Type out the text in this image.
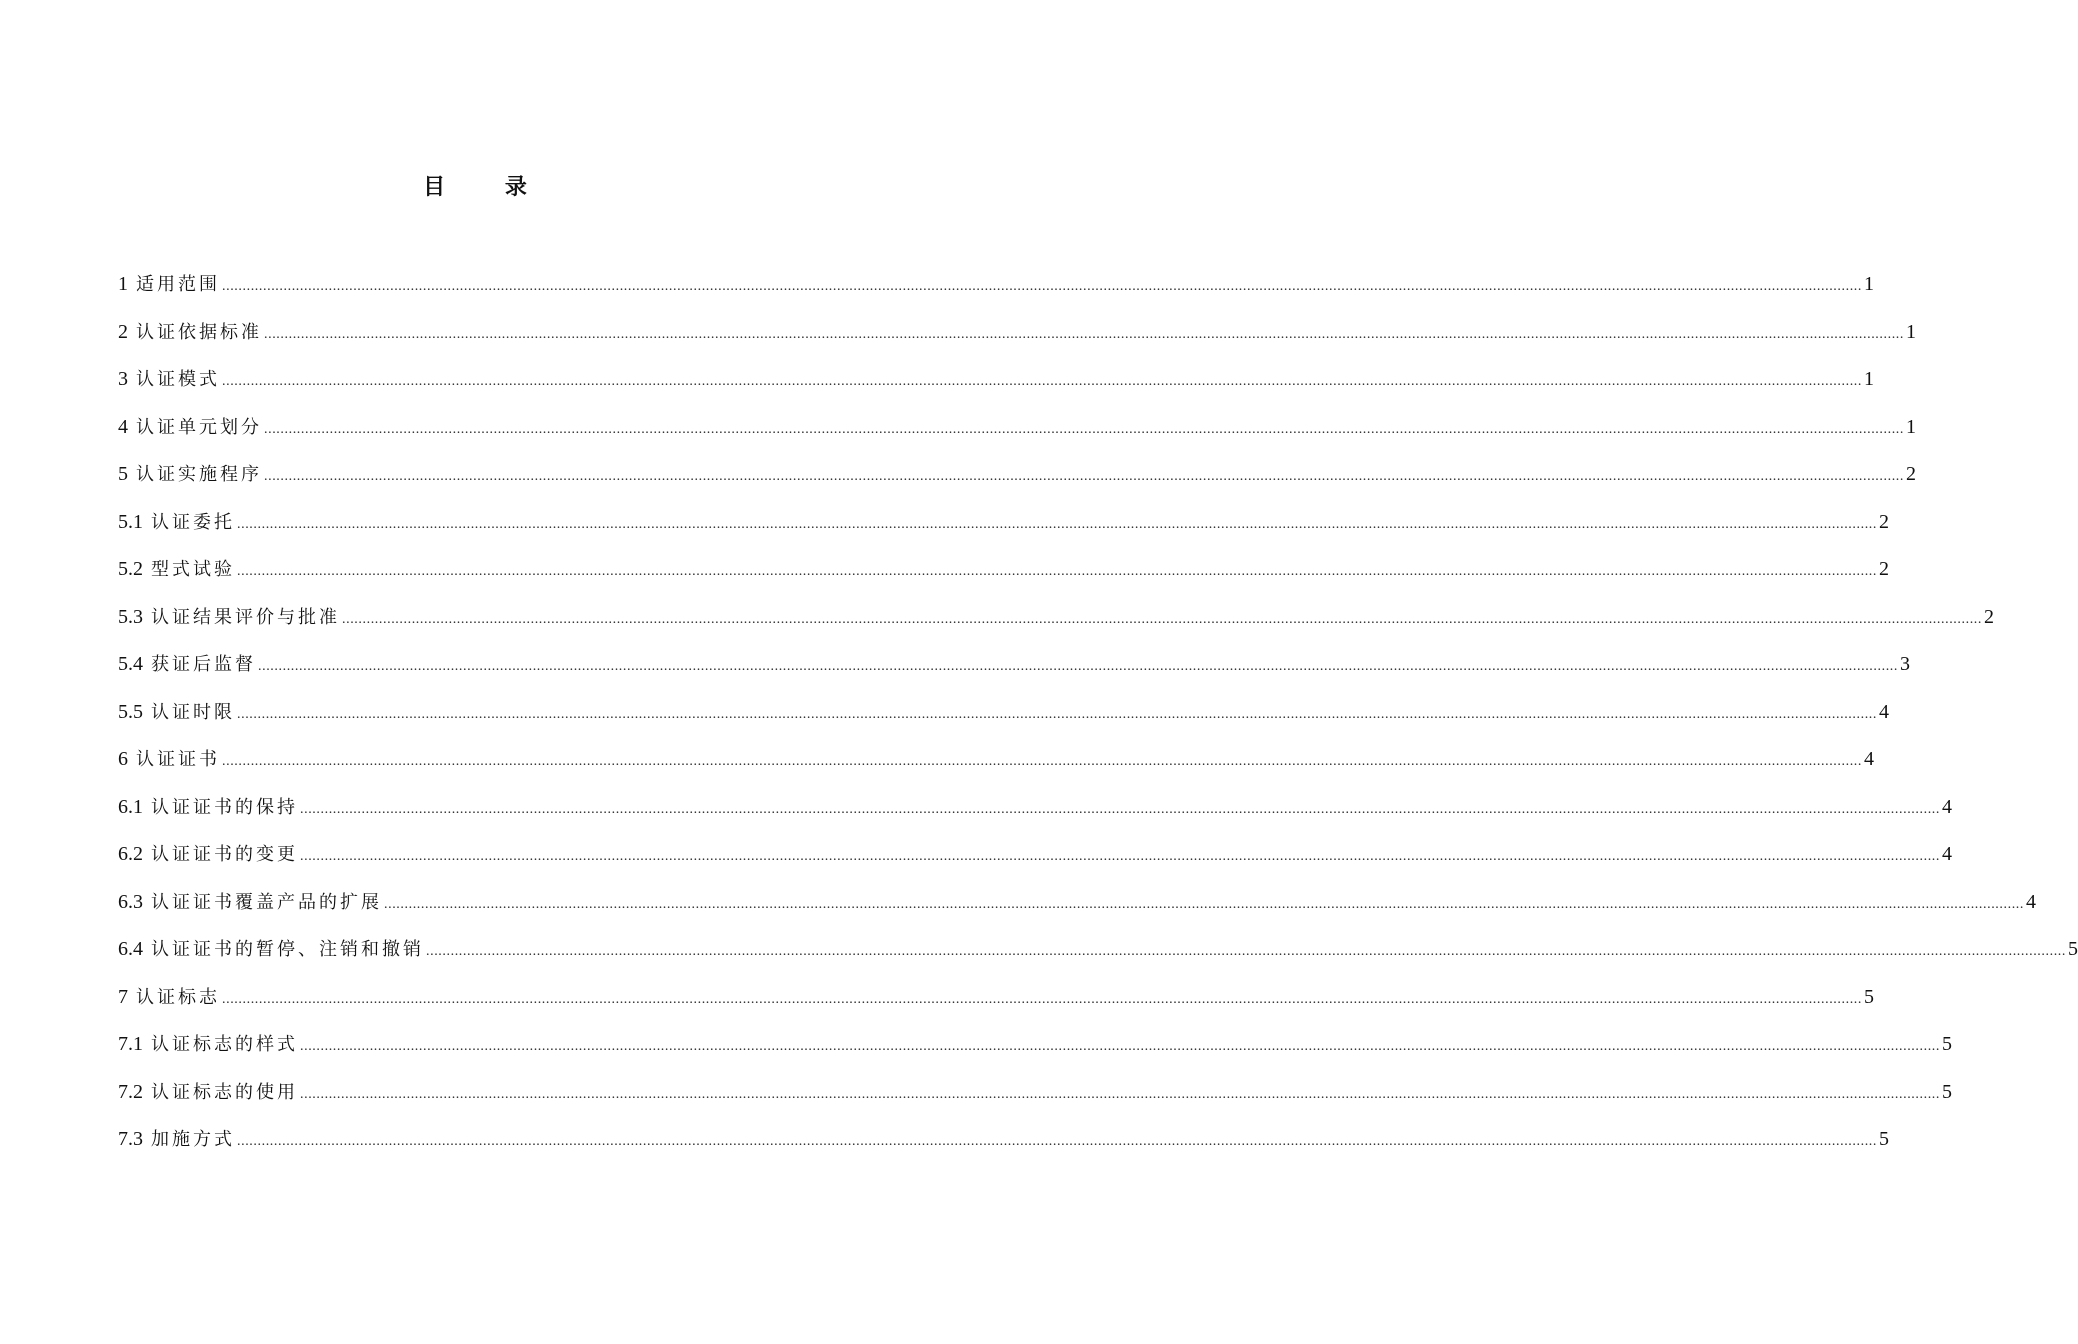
目 录
1 适用范围 ................................................................................................................................................................................................................................................................................................................................................................................................................ 1
2 认证依据标准 ................................................................................................................................................................................................................................................................................................................................................................................................................ 1
3 认证模式 ................................................................................................................................................................................................................................................................................................................................................................................................................ 1
4 认证单元划分 ................................................................................................................................................................................................................................................................................................................................................................................................................ 1
5 认证实施程序 ................................................................................................................................................................................................................................................................................................................................................................................................................ 2
5.1 认证委托 ................................................................................................................................................................................................................................................................................................................................................................................................................ 2
5.2 型式试验 ................................................................................................................................................................................................................................................................................................................................................................................................................ 2
5.3 认证结果评价与批准 ................................................................................................................................................................................................................................................................................................................................................................................................................ 2
5.4 获证后监督 ................................................................................................................................................................................................................................................................................................................................................................................................................ 3
5.5 认证时限 ................................................................................................................................................................................................................................................................................................................................................................................................................ 4
6 认证证书 ................................................................................................................................................................................................................................................................................................................................................................................................................ 4
6.1 认证证书的保持 ................................................................................................................................................................................................................................................................................................................................................................................................................ 4
6.2 认证证书的变更 ................................................................................................................................................................................................................................................................................................................................................................................................................ 4
6.3 认证证书覆盖产品的扩展 ................................................................................................................................................................................................................................................................................................................................................................................................................ 4
6.4 认证证书的暂停、注销和撤销 ................................................................................................................................................................................................................................................................................................................................................................................................................ 5
7 认证标志 ................................................................................................................................................................................................................................................................................................................................................................................................................ 5
7.1 认证标志的样式 ................................................................................................................................................................................................................................................................................................................................................................................................................ 5
7.2 认证标志的使用 ................................................................................................................................................................................................................................................................................................................................................................................................................ 5
7.3 加施方式 ................................................................................................................................................................................................................................................................................................................................................................................................................ 5
